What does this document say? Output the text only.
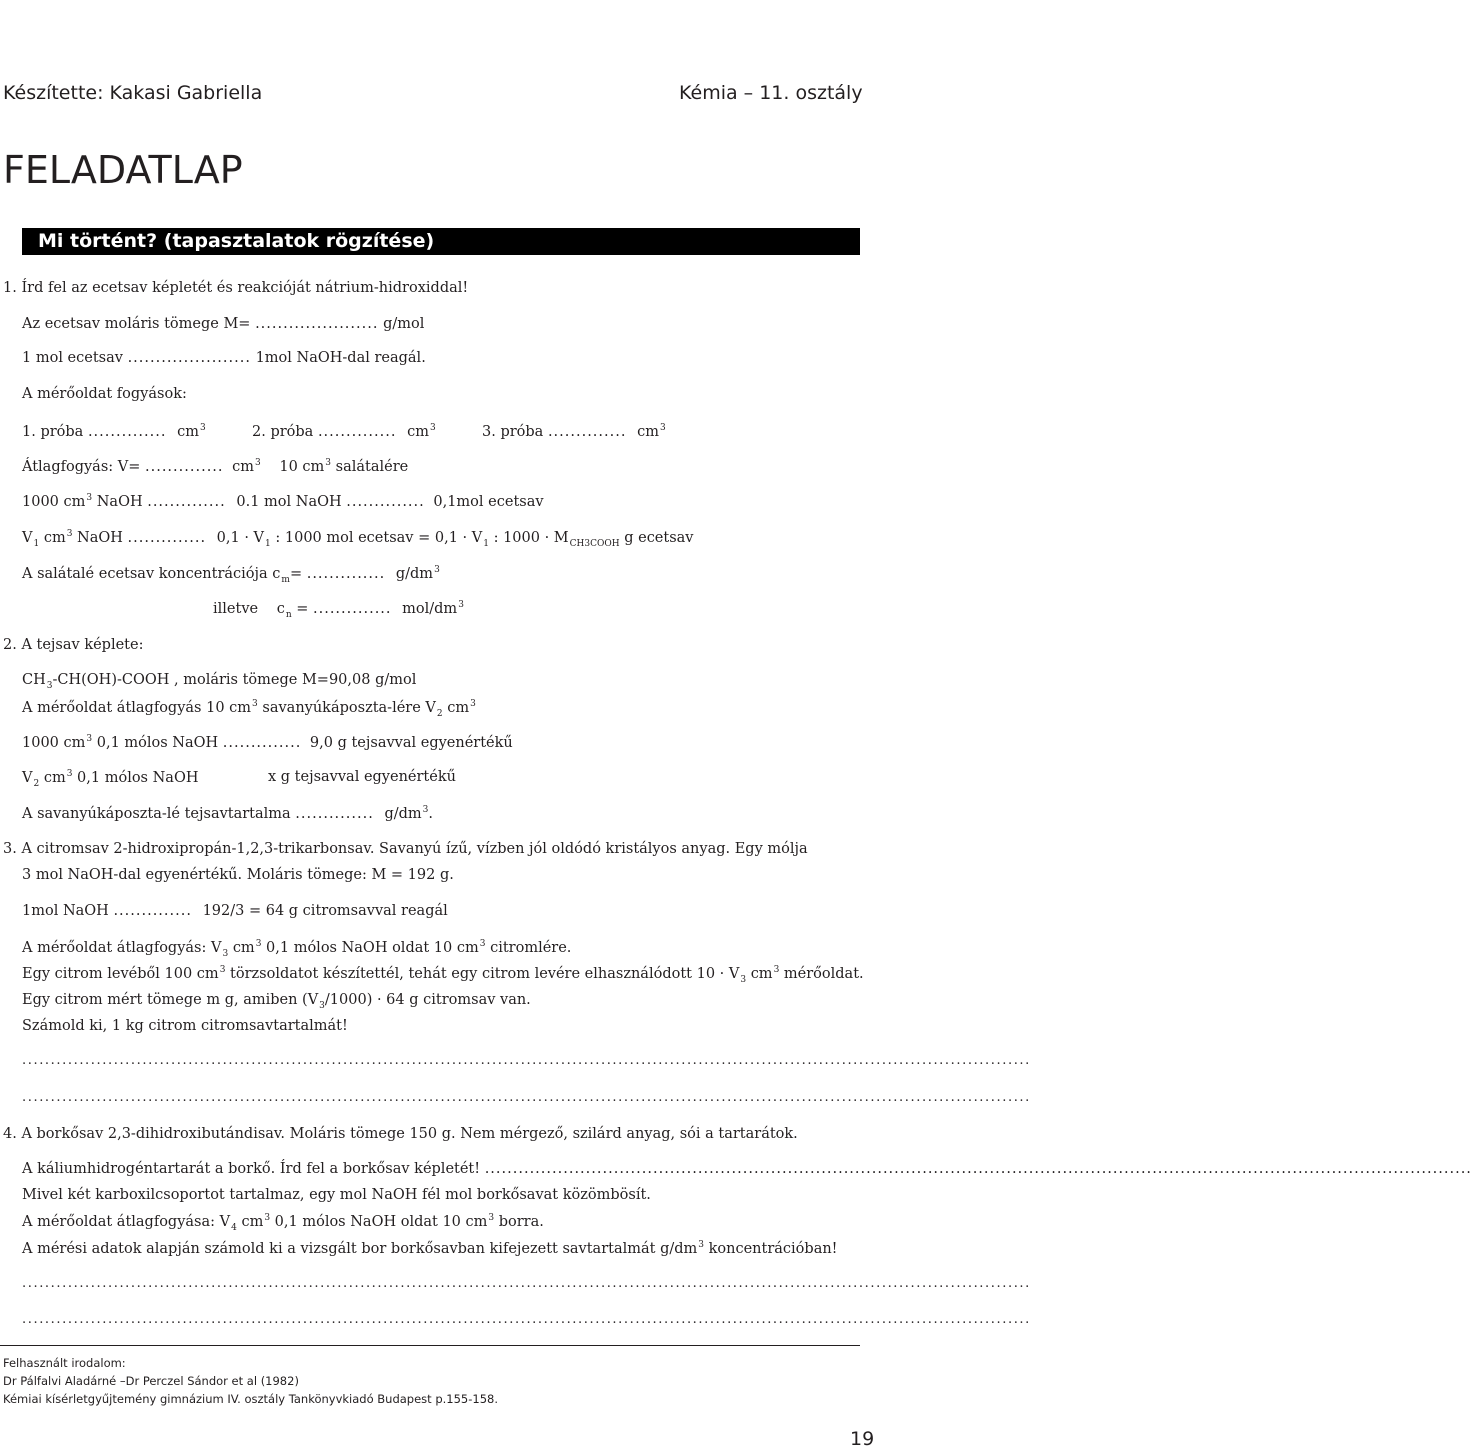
Készítette: Kakasi Gabriella	Kémia – 11. osztály
FELADATLAP
Mi történt? (tapasztalatok rögzítése)
1. Írd fel az ecetsav képletét és reakcióját nátrium-hidroxiddal!
Az ecetsav moláris tömege M= ...................... g/mol
1 mol ecetsav ...................... 1mol NaOH-dal reagál.
A mérőoldat fogyások:
1. próba .............. $cm^3$	2. próba .............. $cm^3$	3. próba .............. $cm^3$
Átlagfogyás: V= .............. $cm^3$ 10 $cm^3$ salátalére
1000 $cm^3$ NaOH .............. 0.1 mol NaOH .............. 0,1mol ecetsav
$V_1$ $cm^3$ NaOH .............. $0,1 \cdot V_1$ : 1000 mol ecetsav = $0,1 \cdot V_1$ : $1000 \cdot M_{CH3COOH}$ g ecetsav
A salátalé ecetsav koncentrációja $c_m=$ .............. $g/dm^3$
illetve $c_n$ = .............. mol/$dm^3$
2. A tejsav képlete:
$CH_3-CH(OH)$-COOH , moláris tömege M=90,08 g/mol
A mérőoldat átlagfogyás 10 $cm^3$ savanyúkáposzta-lére $V_2$ $cm^3$
1000 $cm^3$ 0,1 mólos NaOH .............. 9,0 g tejsavval egyenértékű
$V_2$ $cm^3$ 0,1 mólos NaOH	x g tejsavval egyenértékű
A savanyúkáposzta-lé tejsavtartalma .............. $g/dm^3$.
3. A citromsav 2-hidroxipropán-1,2,3-trikarbonsav. Savanyú ízű, vízben jól oldódó kristályos anyag. Egy mólja
3 mol NaOH-dal egyenértékű. Moláris tömege: M = 192 g.
1mol NaOH .............. 192/3 = 64 g citromsavval reagál
A mérőoldat átlagfogyás: $V_3$ $cm^3$ 0,1 mólos NaOH oldat 10 $cm^3$ citromlére.
Egy citrom levéből 100 $cm^3$ törzsoldatot készítettél, tehát egy citrom levére elhasználódott $10 \cdot V_3$ $cm^3$ mérőoldat.
Egy citrom mért tömege m g, amiben $(V_3/1000) \cdot 64$ g citromsav van.
Számold ki, 1 kg citrom citromsavtartalmát!
................................................................................................................................................................................
................................................................................................................................................................................
4. A borkősav 2,3-dihidroxibutándisav. Moláris tömege 150 g. Nem mérgező, szilárd anyag, sói a tartarátok.
A káliumhidrogéntartarát a borkő. Írd fel a borkősav képletét! ................................................................................................................................................................................
Mivel két karboxilcsoportot tartalmaz, egy mol NaOH fél mol borkősavat közömbösít.
A mérőoldat átlagfogyása: $V_4$ $cm^3$ 0,1 mólos NaOH oldat 10 $cm^3$ borra.
A mérési adatok alapján számold ki a vizsgált bor borkősavban kifejezett savtartalmát $g/dm^3$ koncentrációban!
................................................................................................................................................................................
................................................................................................................................................................................
Felhasznált irodalom:
Dr Pálfalvi Aladárné –Dr Perczel Sándor et al (1982)
Kémiai kísérletgyűjtemény gimnázium IV. osztály Tankönyvkiadó Budapest p.155-158.
19
